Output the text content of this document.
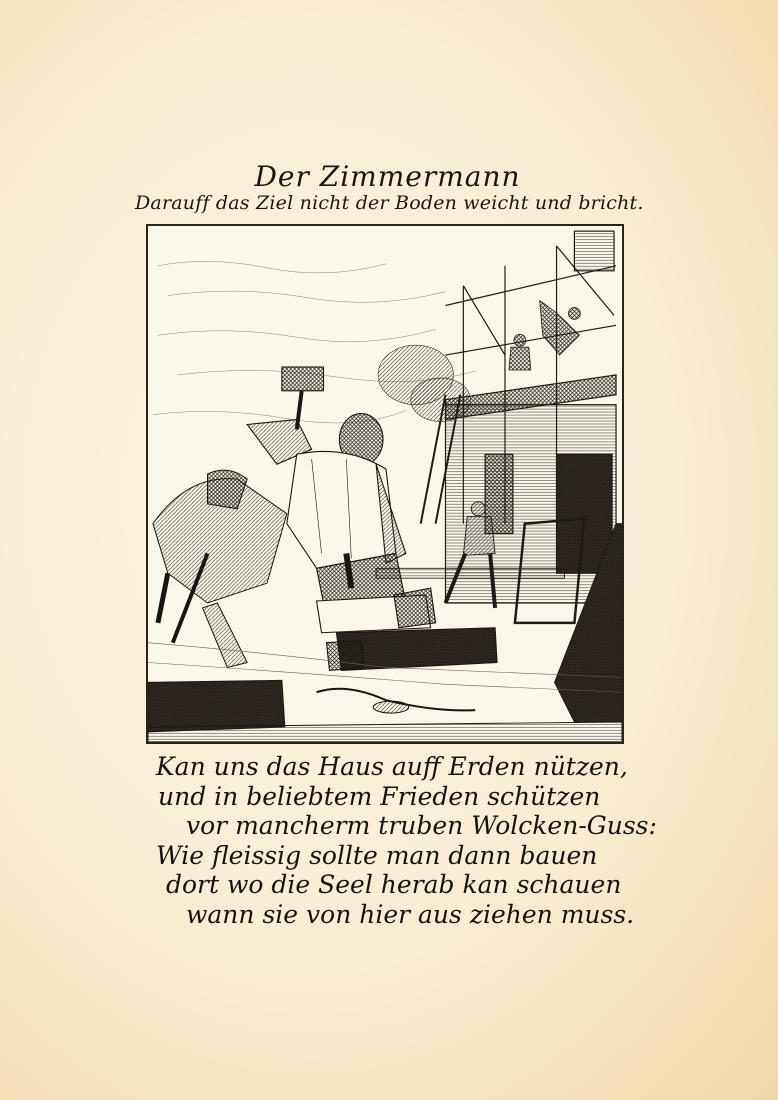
Der Zimmermann
Darauff das Ziel nicht der Boden weicht und bricht.
Kan uns das Haus auff Erden nützen,
und in beliebtem Frieden schützen
vor mancherm truben Wolcken-Guss:
Wie fleissig sollte man dann bauen
dort wo die Seel herab kan schauen
wann sie von hier aus ziehen muss.
